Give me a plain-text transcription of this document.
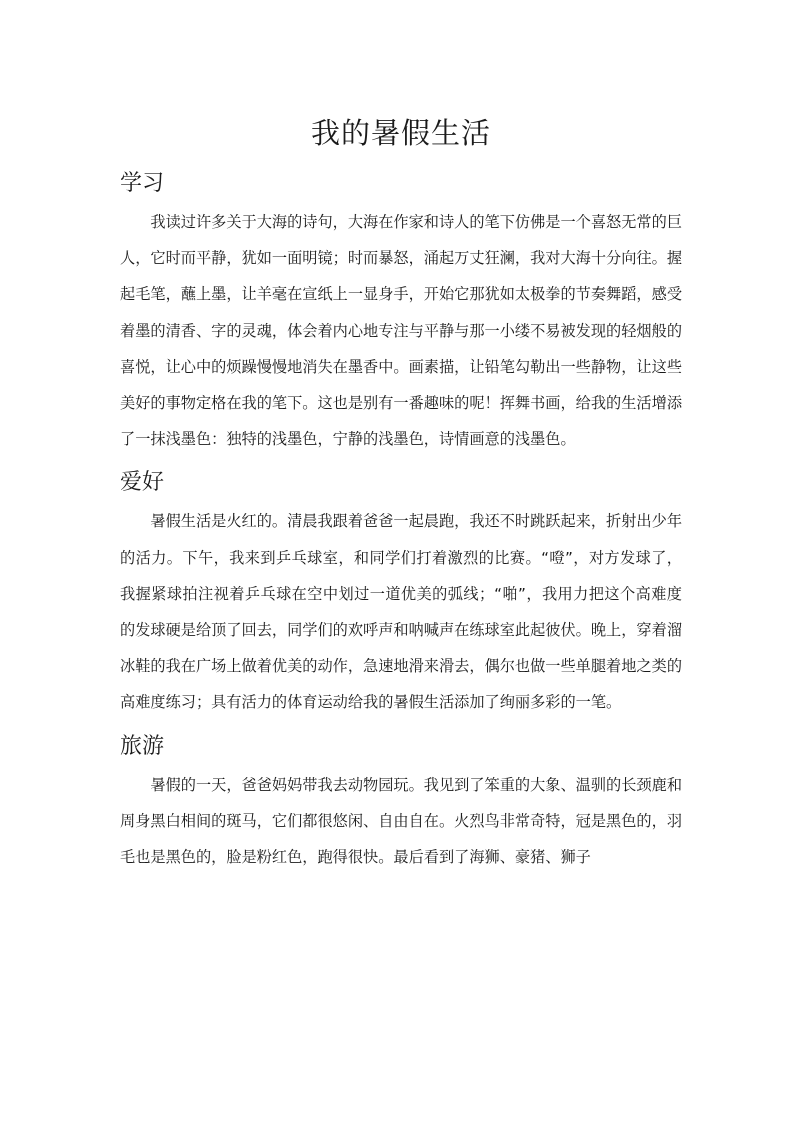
我的暑假生活
学习

我读过许多关于大海的诗句，大海在作家和诗人的笔下仿佛是一个喜怒无常的巨人，它时而平静，犹如一面明镜；时而暴怒，涌起万丈狂澜，我对大海十分向往。握起毛笔，蘸上墨，让羊毫在宣纸上一显身手，开始它那犹如太极拳的节奏舞蹈，感受着墨的清香、字的灵魂，体会着内心地专注与平静与那一小缕不易被发现的轻烟般的喜悦，让心中的烦躁慢慢地消失在墨香中。画素描，让铅笔勾勒出一些静物，让这些美好的事物定格在我的笔下。这也是别有一番趣味的呢！挥舞书画，给我的生活增添了一抹浅墨色：独特的浅墨色，宁静的浅墨色，诗情画意的浅墨色。

爱好

暑假生活是火红的。清晨我跟着爸爸一起晨跑，我还不时跳跃起来，折射出少年的活力。下午，我来到乒乓球室，和同学们打着激烈的比赛。“噔”，对方发球了，我握紧球拍注视着乒乓球在空中划过一道优美的弧线；“啪”，我用力把这个高难度的发球硬是给顶了回去，同学们的欢呼声和呐喊声在练球室此起彼伏。晚上，穿着溜冰鞋的我在广场上做着优美的动作，急速地滑来滑去，偶尔也做一些单腿着地之类的高难度练习；具有活力的体育运动给我的暑假生活添加了绚丽多彩的一笔。

旅游

暑假的一天，爸爸妈妈带我去动物园玩。我见到了笨重的大象、温驯的长颈鹿和周身黑白相间的斑马，它们都很悠闲、自由自在。火烈鸟非常奇特，冠是黑色的，羽毛也是黑色的，脸是粉红色，跑得很快。最后看到了海狮、豪猪、狮子
